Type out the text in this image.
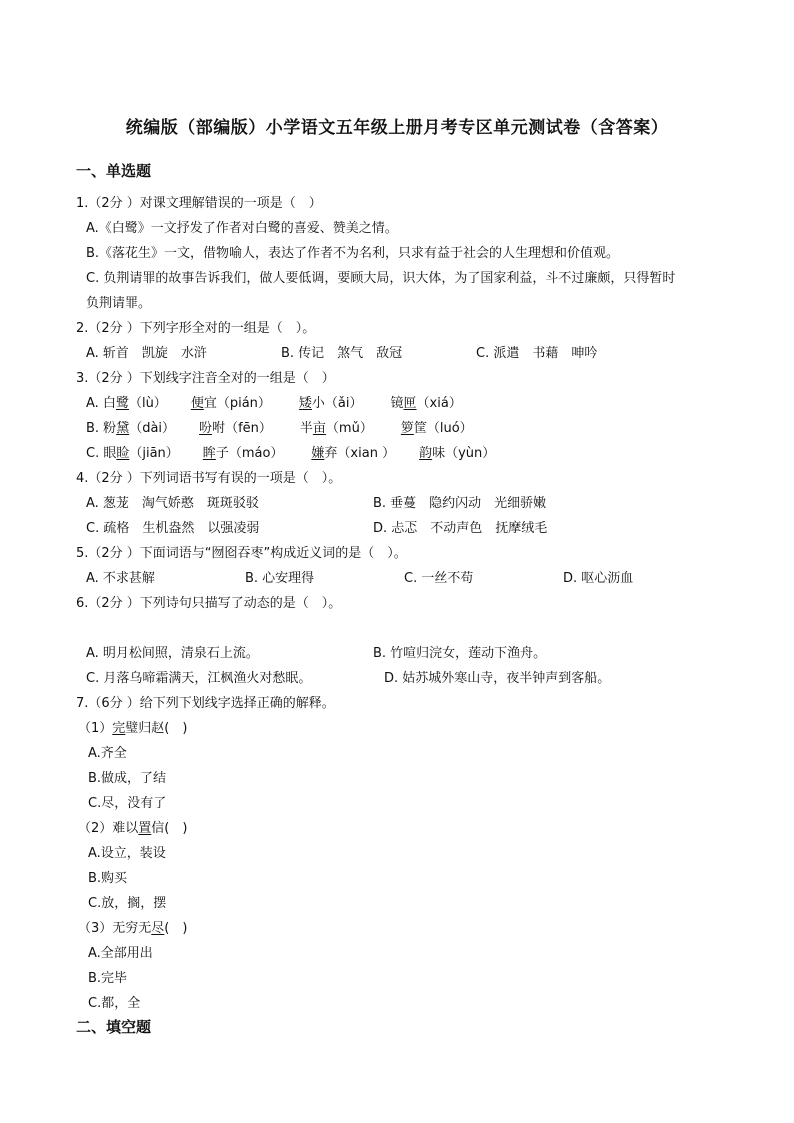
统编版（部编版）小学语文五年级上册月考专区单元测试卷（含答案）
一、单选题
1.（2分 ）对课文理解错误的一项是（　）
A.《白鹭》一文抒发了作者对白鹭的喜爱、赞美之情。
B.《落花生》一文，借物喻人，表达了作者不为名利，只求有益于社会的人生理想和价值观。
C. 负荆请罪的故事告诉我们，做人要低调，要顾大局，识大体，为了国家利益，斗不过廉颇，只得暂时
负荆请罪。
2.（2分 ）下列字形全对的一组是（　）。
A. 斩首　凯旋　水浒	B. 传记　煞气　敌冠	C. 派遣　书藉　呻吟
3.（2分 ）下划线字注音全对的一组是（　）
A. 白鹭（lù） 便宜（pián） 矮小（ǎi） 镜匣（xiá）
B. 粉黛（dài） 吩咐（fēn） 半亩（mǔ） 箩筐（luó）
C. 眼睑（jiān） 眸子（máo） 嫌弃（xian ） 韵味（yùn）
4.（2分 ）下列词语书写有误的一项是（　）。
A. 葱茏　淘气娇憨　斑斑驳驳	B. 垂蔓　隐约闪动　光细骄嫩
C. 疏格　生机盎然　以强凌弱	D. 忐忑　不动声色　抚摩绒毛
5.（2分 ）下面词语与“囫囵吞枣”构成近义词的是（　）。
A. 不求甚解	B. 心安理得	C. 一丝不苟	D. 呕心沥血
6.（2分 ）下列诗句只描写了动态的是（　）。
A. 明月松间照，清泉石上流。	B. 竹喧归浣女，莲动下渔舟。
C. 月落乌啼霜满天，江枫渔火对愁眠。	D. 姑苏城外寒山寺，夜半钟声到客船。
7.（6分 ）给下列下划线字选择正确的解释。
（1）完璧归赵(　)
A.齐全
B.做成，了结
C.尽，没有了
（2）难以置信(　)
A.设立，装设
B.购买
C.放，搁，摆
（3）无穷无尽(　)
A.全部用出
B.完毕
C.都，全
二、填空题
